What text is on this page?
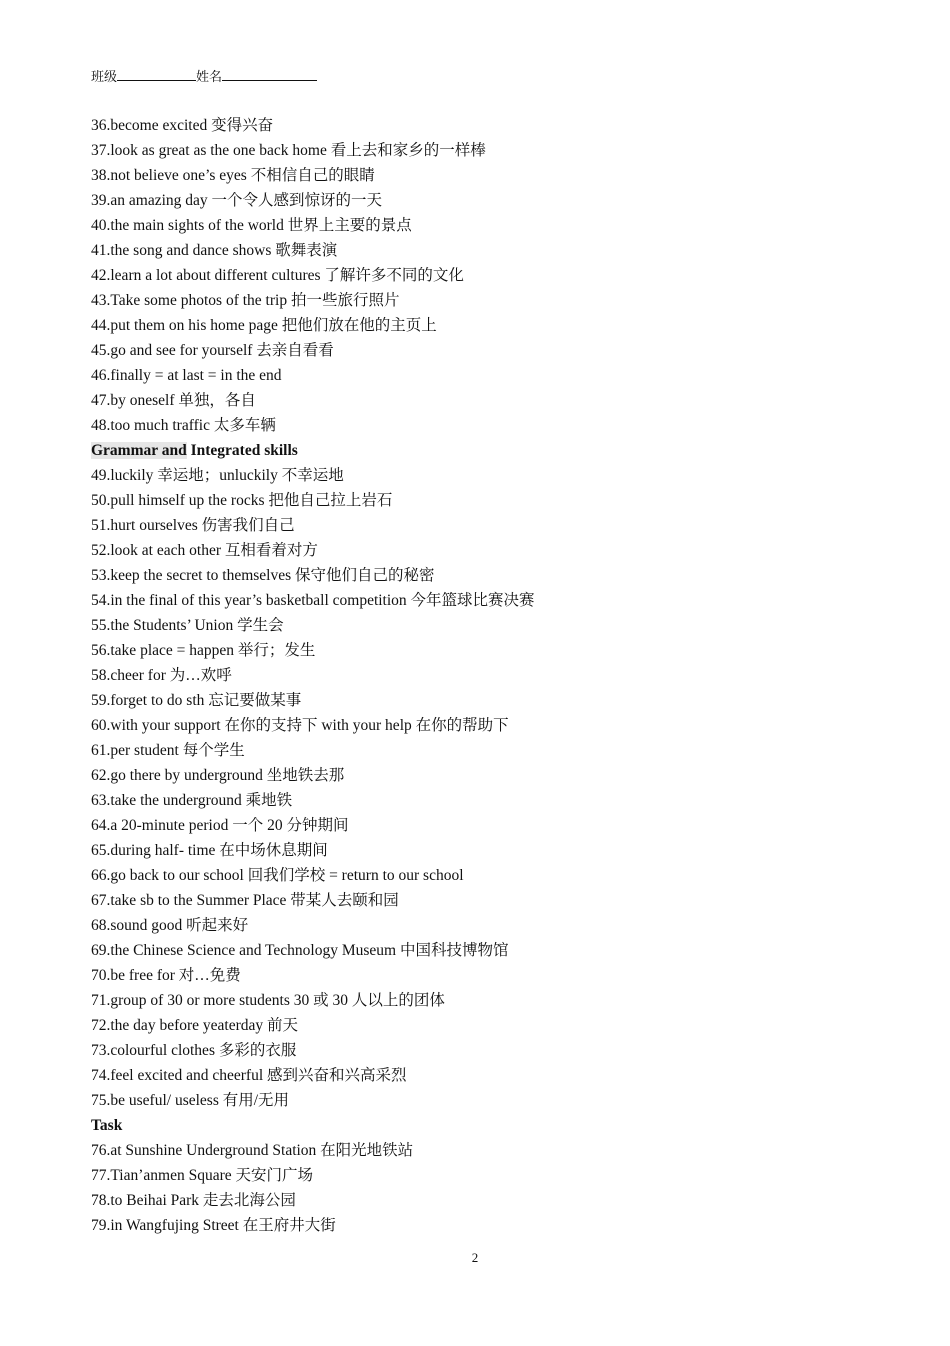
班级	姓名
36.become excited 变得兴奋
37.look as great as the one back home 看上去和家乡的一样棒
38.not believe one’s eyes 不相信自己的眼睛
39.an amazing day 一个令人感到惊讶的一天
40.the main sights of the world 世界上主要的景点
41.the song and dance shows 歌舞表演
42.learn a lot about different cultures 了解许多不同的文化
43.Take some photos of the trip 拍一些旅行照片
44.put them on his home page 把他们放在他的主页上
45.go and see for yourself 去亲自看看
46.finally = at last = in the end
47.by oneself 单独，各自
48.too much traffic 太多车辆
Grammar and Integrated skills
49.luckily 幸运地；unluckily 不幸运地
50.pull himself up the rocks 把他自己拉上岩石
51.hurt ourselves 伤害我们自己
52.look at each other 互相看着对方
53.keep the secret to themselves 保守他们自己的秘密
54.in the final of this year’s basketball competition 今年篮球比赛决赛
55.the Students’ Union 学生会
56.take place = happen 举行；发生
58.cheer for 为…欢呼
59.forget to do sth 忘记要做某事
60.with your support 在你的支持下 with your help 在你的帮助下
61.per student 每个学生
62.go there by underground 坐地铁去那
63.take the underground 乘地铁
64.a 20-minute period 一个 20 分钟期间
65.during half- time 在中场休息期间
66.go back to our school 回我们学校 = return to our school
67.take sb to the Summer Place 带某人去颐和园
68.sound good 听起来好
69.the Chinese Science and Technology Museum 中国科技博物馆
70.be free for 对…免费
71.group of 30 or more students 30 或 30 人以上的团体
72.the day before yeaterday 前天
73.colourful clothes 多彩的衣服
74.feel excited and cheerful 感到兴奋和兴高采烈
75.be useful/ useless 有用/无用
Task
76.at Sunshine Underground Station 在阳光地铁站
77.Tian’anmen Square 天安门广场
78.to Beihai Park 走去北海公园
79.in Wangfujing Street 在王府井大街
2
